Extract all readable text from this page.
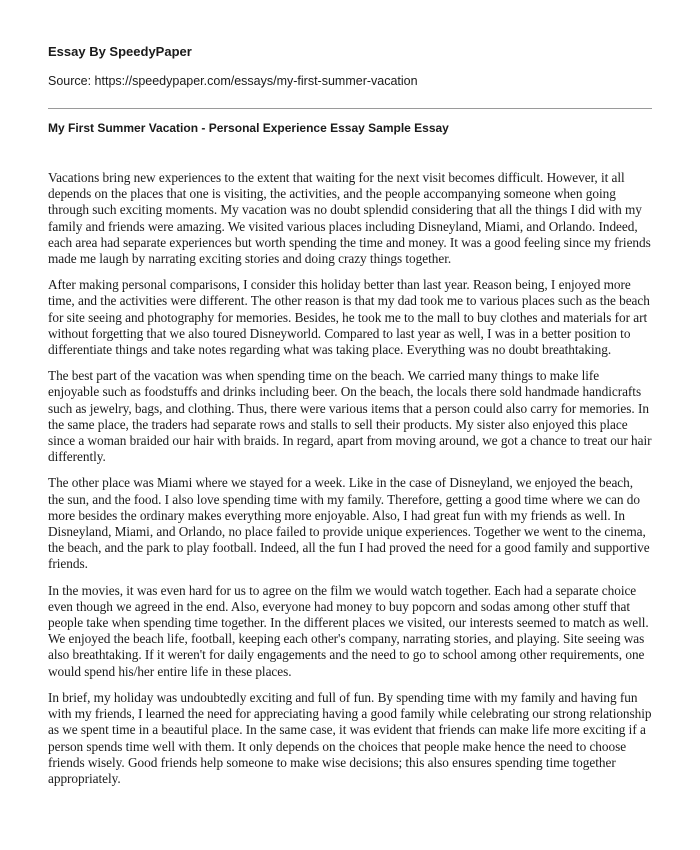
Essay By SpeedyPaper
Source: https://speedypaper.com/essays/my-first-summer-vacation
My First Summer Vacation - Personal Experience Essay Sample Essay

Vacations bring new experiences to the extent that waiting for the next visit becomes difficult. However, it all depends on the places that one is visiting, the activities, and the people accompanying someone when going through such exciting moments. My vacation was no doubt splendid considering that all the things I did with my family and friends were amazing. We visited various places including Disneyland, Miami, and Orlando. Indeed, each area had separate experiences but worth spending the time and money. It was a good feeling since my friends made me laugh by narrating exciting stories and doing crazy things together.

After making personal comparisons, I consider this holiday better than last year. Reason being, I enjoyed more time, and the activities were different. The other reason is that my dad took me to various places such as the beach for site seeing and photography for memories. Besides, he took me to the mall to buy clothes and materials for art without forgetting that we also toured Disneyworld. Compared to last year as well, I was in a better position to differentiate things and take notes regarding what was taking place. Everything was no doubt breathtaking.

The best part of the vacation was when spending time on the beach. We carried many things to make life enjoyable such as foodstuffs and drinks including beer. On the beach, the locals there sold handmade handicrafts such as jewelry, bags, and clothing. Thus, there were various items that a person could also carry for memories. In the same place, the traders had separate rows and stalls to sell their products. My sister also enjoyed this place since a woman braided our hair with braids. In regard, apart from moving around, we got a chance to treat our hair differently.

The other place was Miami where we stayed for a week. Like in the case of Disneyland, we enjoyed the beach, the sun, and the food. I also love spending time with my family. Therefore, getting a good time where we can do more besides the ordinary makes everything more enjoyable. Also, I had great fun with my friends as well. In Disneyland, Miami, and Orlando, no place failed to provide unique experiences. Together we went to the cinema, the beach, and the park to play football. Indeed, all the fun I had proved the need for a good family and supportive friends.

In the movies, it was even hard for us to agree on the film we would watch together. Each had a separate choice even though we agreed in the end. Also, everyone had money to buy popcorn and sodas among other stuff that people take when spending time together. In the different places we visited, our interests seemed to match as well. We enjoyed the beach life, football, keeping each other's company, narrating stories, and playing. Site seeing was also breathtaking. If it weren't for daily engagements and the need to go to school among other requirements, one would spend his/her entire life in these places.

In brief, my holiday was undoubtedly exciting and full of fun. By spending time with my family and having fun with my friends, I learned the need for appreciating having a good family while celebrating our strong relationship as we spent time in a beautiful place. In the same case, it was evident that friends can make life more exciting if a person spends time well with them. It only depends on the choices that people make hence the need to choose friends wisely. Good friends help someone to make wise decisions; this also ensures spending time together appropriately.
